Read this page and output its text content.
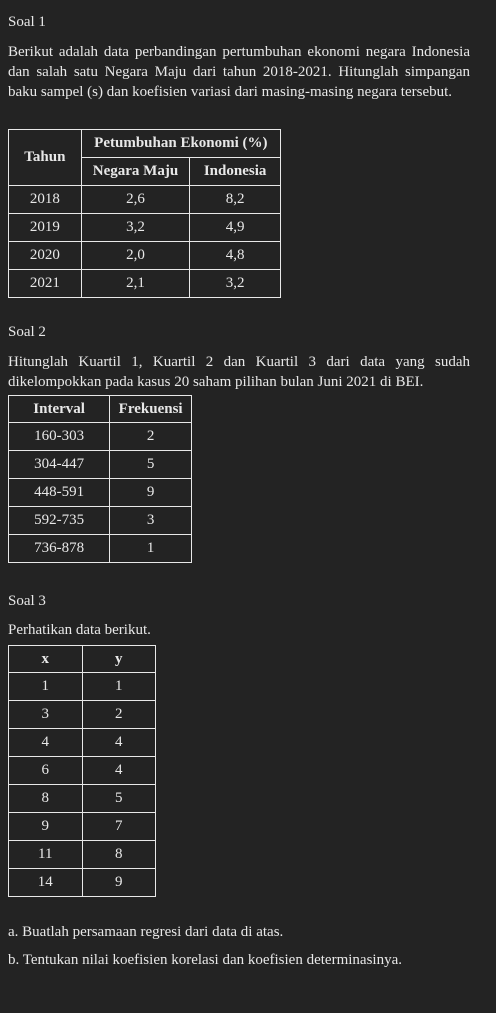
Soal 1
Berikut adalah data perbandingan pertumbuhan ekonomi negara Indonesia dan salah satu Negara Maju dari tahun 2018-2021. Hitunglah simpangan baku sampel (s) dan koefisien variasi dari masing-masing negara tersebut.
Tahun	Petumbuhan Ekonomi (%)	
	Negara Maju	Indonesia
2018	2,6	8,2
2019	3,2	4,9
2020	2,0	4,8
2021	2,1	3,2
Soal 2
Hitunglah Kuartil 1, Kuartil 2 dan Kuartil 3 dari data yang sudah dikelompokkan pada kasus 20 saham pilihan bulan Juni 2021 di BEI.
Interval	Frekuensi
160-303	2
304-447	5
448-591	9
592-735	3
736-878	1
Soal 3
Perhatikan data berikut.
x	y
1	1
3	2
4	4
6	4
8	5
9	7
11	8
14	9
a. Buatlah persamaan regresi dari data di atas.
b. Tentukan nilai koefisien korelasi dan koefisien determinasinya.
